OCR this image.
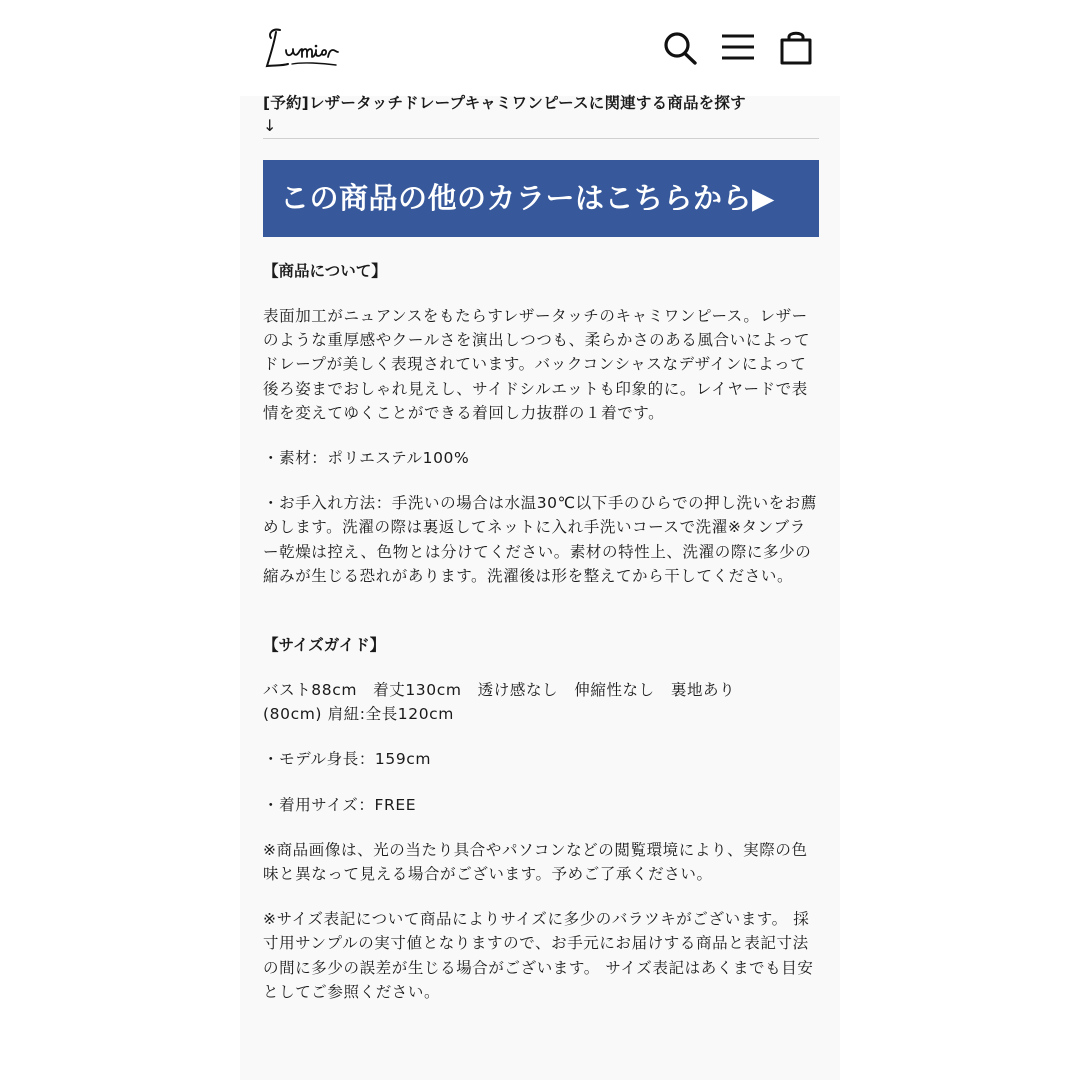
[予約]レザータッチドレープキャミワンピースに関連する商品を探す
↓
この商品の他のカラーはこちらから▶
【商品について】
表面加工がニュアンスをもたらすレザータッチのキャミワンピース。レザーのような重厚感やクールさを演出しつつも、柔らかさのある風合いによってドレープが美しく表現されています。バックコンシャスなデザインによって後ろ姿までおしゃれ見えし、サイドシルエットも印象的に。レイヤードで表情を変えてゆくことができる着回し力抜群の１着です。
・素材：ポリエステル100%
・お手入れ方法：手洗いの場合は水温30℃以下手のひらでの押し洗いをお薦めします。洗濯の際は裏返してネットに入れ手洗いコースで洗濯※タンブラー乾燥は控え、色物とは分けてください。素材の特性上、洗濯の際に多少の縮みが生じる恐れがあります。洗濯後は形を整えてから干してください。
【サイズガイド】
バスト88cm　着丈130cm　透け感なし　伸縮性なし　裏地あり
(80cm) 肩紐:全長120cm
・モデル身長：159cm
・着用サイズ：FREE
※商品画像は、光の当たり具合やパソコンなどの閲覧環境により、実際の色味と異なって見える場合がございます。予めご了承ください。
※サイズ表記について商品によりサイズに多少のバラツキがございます。 採寸用サンプルの実寸値となりますので、お手元にお届けする商品と表記寸法の間に多少の誤差が生じる場合がございます。 サイズ表記はあくまでも目安としてご参照ください。
